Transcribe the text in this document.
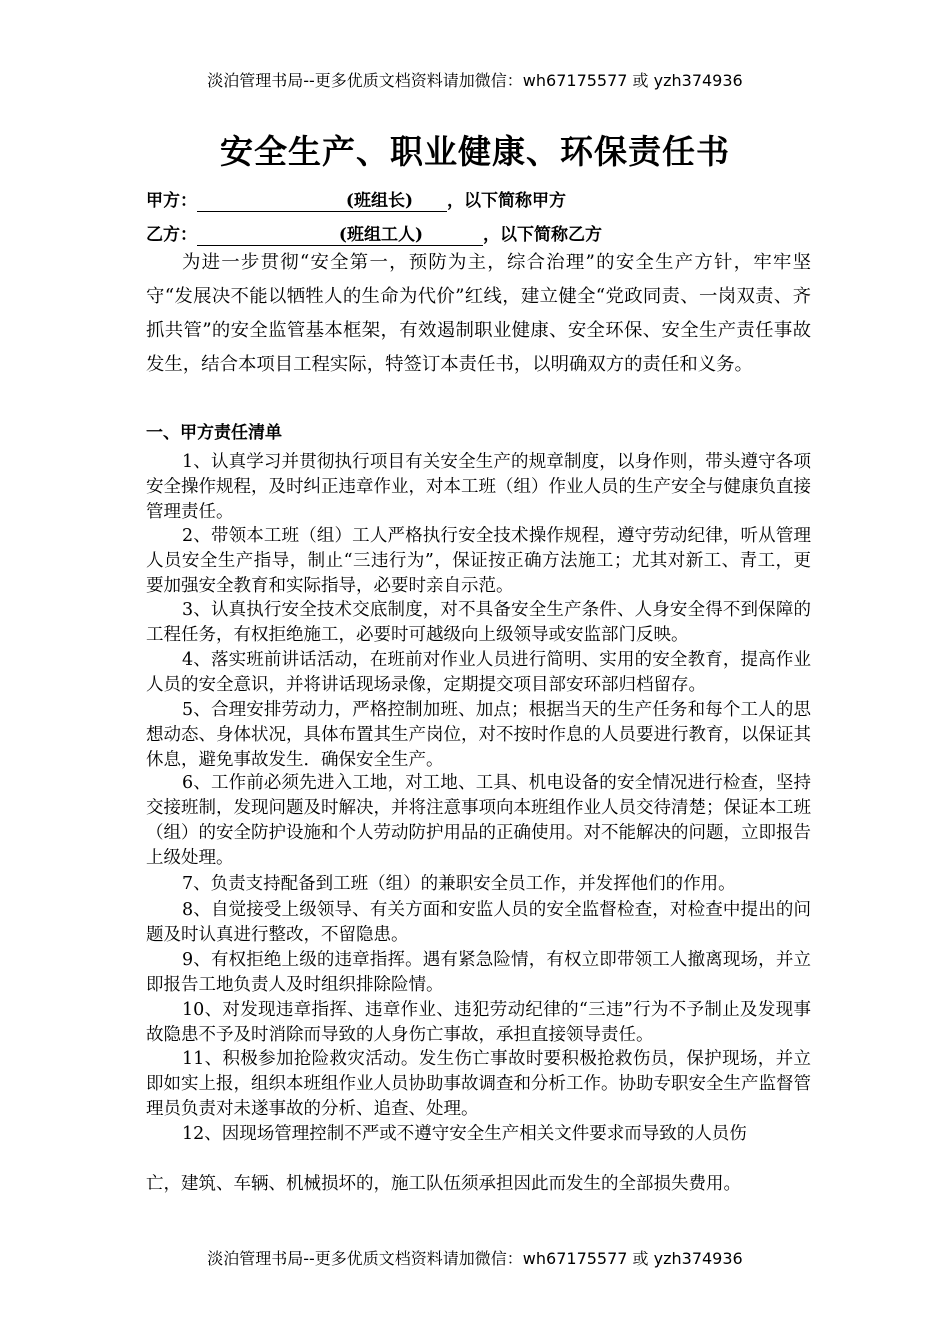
淡泊管理书局--更多优质文档资料请加微信：wh67175577 或 yzh374936
安全生产、职业健康、环保责任书
甲方：	(班组长) ，以下简称甲方
乙方：	(班组工人)	，以下简称乙方

为进一步贯彻“安全第一，预防为主，综合治理”的安全生产方针，牢牢坚守“发展决不能以牺牲人的生命为代价”红线，建立健全“党政同责、一岗双责、齐抓共管”的安全监管基本框架，有效遏制职业健康、安全环保、安全生产责任事故发生，结合本项目工程实际，特签订本责任书，以明确双方的责任和义务。

一、甲方责任清单

1、认真学习并贯彻执行项目有关安全生产的规章制度，以身作则，带头遵守各项安全操作规程，及时纠正违章作业，对本工班（组）作业人员的生产安全与健康负直接管理责任。

2、带领本工班（组）工人严格执行安全技术操作规程，遵守劳动纪律，听从管理人员安全生产指导，制止“三违行为”，保证按正确方法施工；尤其对新工、青工，更要加强安全教育和实际指导，必要时亲自示范。

3、认真执行安全技术交底制度，对不具备安全生产条件、人身安全得不到保障的工程任务，有权拒绝施工，必要时可越级向上级领导或安监部门反映。

4、落实班前讲话活动，在班前对作业人员进行简明、实用的安全教育，提高作业人员的安全意识，并将讲话现场录像，定期提交项目部安环部归档留存。

5、合理安排劳动力，严格控制加班、加点；根据当天的生产任务和每个工人的思想动态、身体状况，具体布置其生产岗位，对不按时作息的人员要进行教育，以保证其休息，避免事故发生．确保安全生产。

6、工作前必须先进入工地，对工地、工具、机电设备的安全情况进行检查，坚持交接班制，发现问题及时解决，并将注意事项向本班组作业人员交待清楚；保证本工班（组）的安全防护设施和个人劳动防护用品的正确使用。对不能解决的问题，立即报告上级处理。

7、负责支持配备到工班（组）的兼职安全员工作，并发挥他们的作用。

8、自觉接受上级领导、有关方面和安监人员的安全监督检查，对检查中提出的问题及时认真进行整改，不留隐患。

9、有权拒绝上级的违章指挥。遇有紧急险情，有权立即带领工人撤离现场，并立即报告工地负责人及时组织排除险情。

10、对发现违章指挥、违章作业、违犯劳动纪律的“三违”行为不予制止及发现事故隐患不予及时消除而导致的人身伤亡事故，承担直接领导责任。

11、积极参加抢险救灾活动。发生伤亡事故时要积极抢救伤员，保护现场，并立即如实上报，组织本班组作业人员协助事故调查和分析工作。协助专职安全生产监督管理员负责对未遂事故的分析、追查、处理。

12、因现场管理控制不严或不遵守安全生产相关文件要求而导致的人员伤

亡，建筑、车辆、机械损坏的，施工队伍须承担因此而发生的全部损失费用。

淡泊管理书局--更多优质文档资料请加微信：wh67175577 或 yzh374936
